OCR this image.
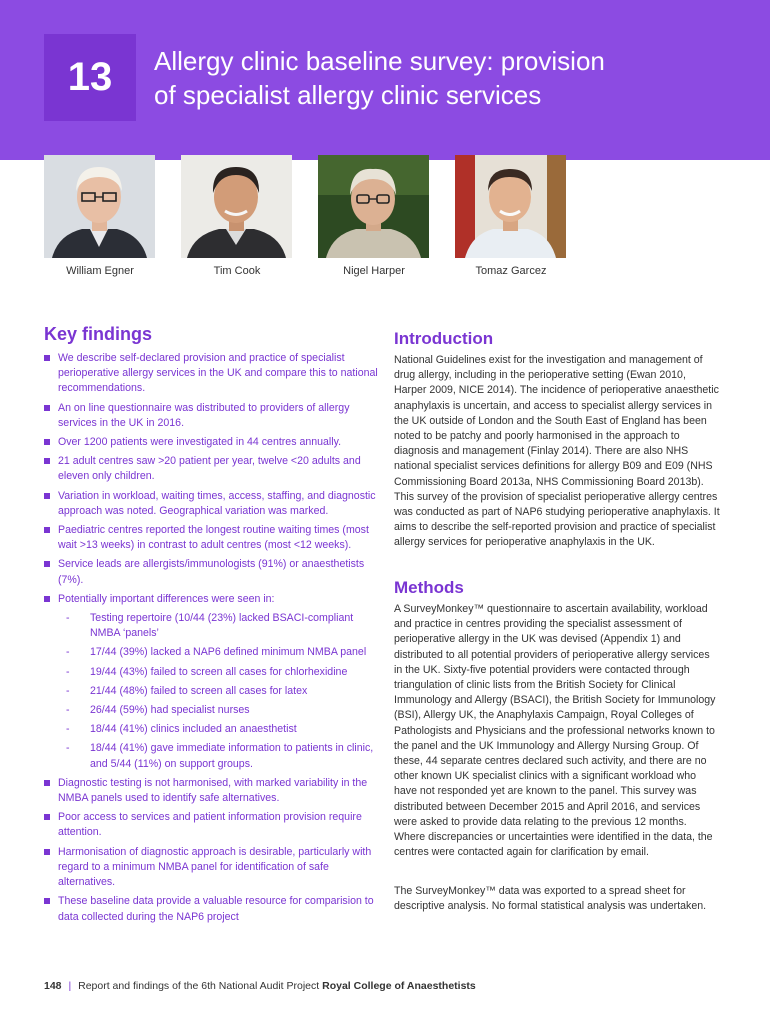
13 Allergy clinic baseline survey: provision
of specialist allergy clinic services
William Egner	Tim Cook	Nigel Harper	Tomaz Garcez
Key findings
We describe self-declared provision and practice of specialist perioperative allergy services in the UK and compare this to national recommendations.
An on line questionnaire was distributed to providers of allergy services in the UK in 2016.
Over 1200 patients were investigated in 44 centres annually.
21 adult centres saw >20 patient per year, twelve <20 adults and eleven only children.
Variation in workload, waiting times, access, staffing, and diagnostic approach was noted. Geographical variation was marked.
Paediatric centres reported the longest routine waiting times (most wait >13 weeks) in contrast to adult centres (most <12 weeks).
Service leads are allergists/immunologists (91%) or anaesthetists (7%).
Potentially important differences were seen in:
- Testing repertoire (10/44 (23%) lacked BSACI-compliant NMBA ‘panels’
- 17/44 (39%) lacked a NAP6 defined minimum NMBA panel
- 19/44 (43%) failed to screen all cases for chlorhexidine
- 21/44 (48%) failed to screen all cases for latex
- 26/44 (59%) had specialist nurses
- 18/44 (41%) clinics included an anaesthetist
- 18/44 (41%) gave immediate information to patients in clinic, and 5/44 (11%) on support groups.
Diagnostic testing is not harmonised, with marked variability in the NMBA panels used to identify safe alternatives.
Poor access to services and patient information provision require attention.
Harmonisation of diagnostic approach is desirable, particularly with regard to a minimum NMBA panel for identification of safe alternatives.
These baseline data provide a valuable resource for comparision to data collected during the NAP6 project
Introduction

National Guidelines exist for the investigation and management of drug allergy, including in the perioperative setting (Ewan 2010, Harper 2009, NICE 2014). The incidence of perioperative anaesthetic anaphylaxis is uncertain, and access to specialist allergy services in the UK outside of London and the South East of England has been noted to be patchy and poorly harmonised in the approach to diagnosis and management (Finlay 2014). There are also NHS national specialist services definitions for allergy B09 and E09 (NHS Commissioning Board 2013a, NHS Commissioning Board 2013b). This survey of the provision of specialist perioperative allergy centres was conducted as part of NAP6 studying perioperative anaphylaxis. It aims to describe the self-reported provision and practice of specialist allergy services for perioperative anaphylaxis in the UK.

Methods

A SurveyMonkey™ questionnaire to ascertain availability, workload and practice in centres providing the specialist assessment of perioperative allergy in the UK was devised (Appendix 1) and distributed to all potential providers of perioperative allergy services in the UK. Sixty-five potential providers were contacted through triangulation of clinic lists from the British Society for Clinical Immunology and Allergy (BSACI), the British Society for Immunology (BSI), Allergy UK, the Anaphylaxis Campaign, Royal Colleges of Pathologists and Physicians and the professional networks known to the panel and the UK Immunology and Allergy Nursing Group. Of these, 44 separate centres declared such activity, and there are no other known UK specialist clinics with a significant workload who have not responded yet are known to the panel. This survey was distributed between December 2015 and April 2016, and services were asked to provide data relating to the previous 12 months. Where discrepancies or uncertainties were identified in the data, the centres were contacted again for clarification by email.

The SurveyMonkey™ data was exported to a spread sheet for descriptive analysis. No formal statistical analysis was undertaken.

148 | Report and findings of the 6th National Audit Project Royal College of Anaesthetists
